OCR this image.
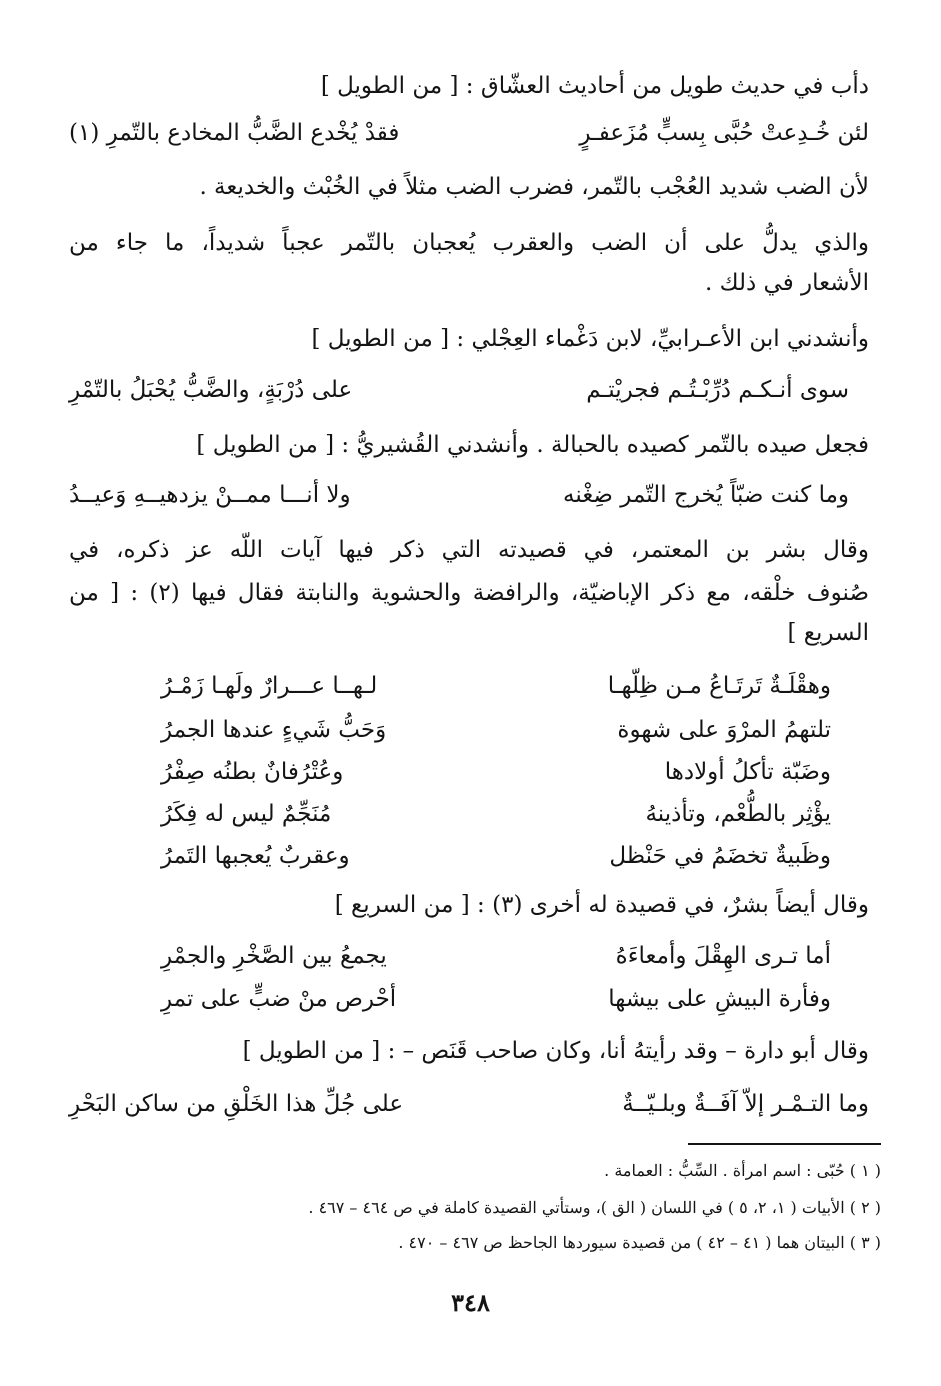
دأب في حديث طويل من أحاديث العشّاق : [ من الطويل ]
لئن خُـدِعتْ حُبَّى بِسبٍّ مُزَعفـرٍ
فقدْ يُخْدع الضَّبُّ المخادع بالتّمرِ (١)
لأن الضب شديد العُجْب بالتّمر، فضرب الضب مثلاً في الخُبْث والخديعة .
والذي يدلُّ على أن الضب والعقرب يُعجبان بالتّمر عجباً شديداً، ما جاء من
الأشعار في ذلك .
وأنشدني ابن الأعـرابيِّ، لابن دَغْماء العِجْلي : [ من الطويل ]
سوى أنـكـم دُرِّبْـتُـم فجريْتـم
على دُرْبَةٍ، والضَّبُّ يُحْبَلُ بالتّمْرِ
فجعل صيده بالتّمر كصيده بالحبالة . وأنشدني القُشيريُّ : [ من الطويل ]
وما كنت ضبّاً يُخرج التّمر ضِغْنه
ولا أنـــا ممــنْ يزدهيــهِ وَعيــدُ
وقال بشر بن المعتمر، في قصيدته التي ذكر فيها آيات اللّه عز ذكره، في
صُنوف خلْقه، مع ذكر الإباضيّة، والرافضة والحشوية والنابتة فقال فيها (٢) : [ من
السريع ]
وهقْلَـةٌ تَرتَـاعُ مـن ظِلّهـا
لـهــا عـــرارٌ ولَهـا زَمْـرُ
تلتهمُ المرْوَ على شهوة
وَحَبُّ شَيءٍ عندها الجمرُ
وضَبّة تأكلُ أولادها
وعُتْرُفانٌ بطنُه صِفْرُ
يؤْثِر بالطُّعْم، وتأذينهُ
مُنَجِّمٌ ليس له فِكَرُ
وظَبيةٌ تخضَمُ في حَنْظل
وعقربٌ يُعجبها التَمرُ
وقال أيضاً بشرٌ، في قصيدة له أخرى (٣) : [ من السريع ]
أما تـرى الهِقْلَ وأمعاءَهُ
يجمعُ بين الصَّخْرِ والجمْرِ
وفأرة البيشِ على بيشها
أحْرص منْ ضبٍّ على تمرِ
وقال أبو دارة – وقد رأيتهُ أنا، وكان صاحب قَنَص – : [ من الطويل ]
وما التـمْـر إلاّ آفَــةٌ وبلـيّــةٌ
على جُلِّ هذا الخَلْقِ من ساكن البَحْرِ
( ١ ) حُبّى : اسم امرأة . السِّبُّ : العمامة .
( ٢ ) الأبيات ( ١، ٢، ٥ ) في اللسان ( الق )، وستأتي القصيدة كاملة في ص ٤٦٤ – ٤٦٧ .
( ٣ ) البيتان هما ( ٤١ – ٤٢ ) من قصيدة سيوردها الجاحظ ص ٤٦٧ – ٤٧٠ .
٣٤٨
